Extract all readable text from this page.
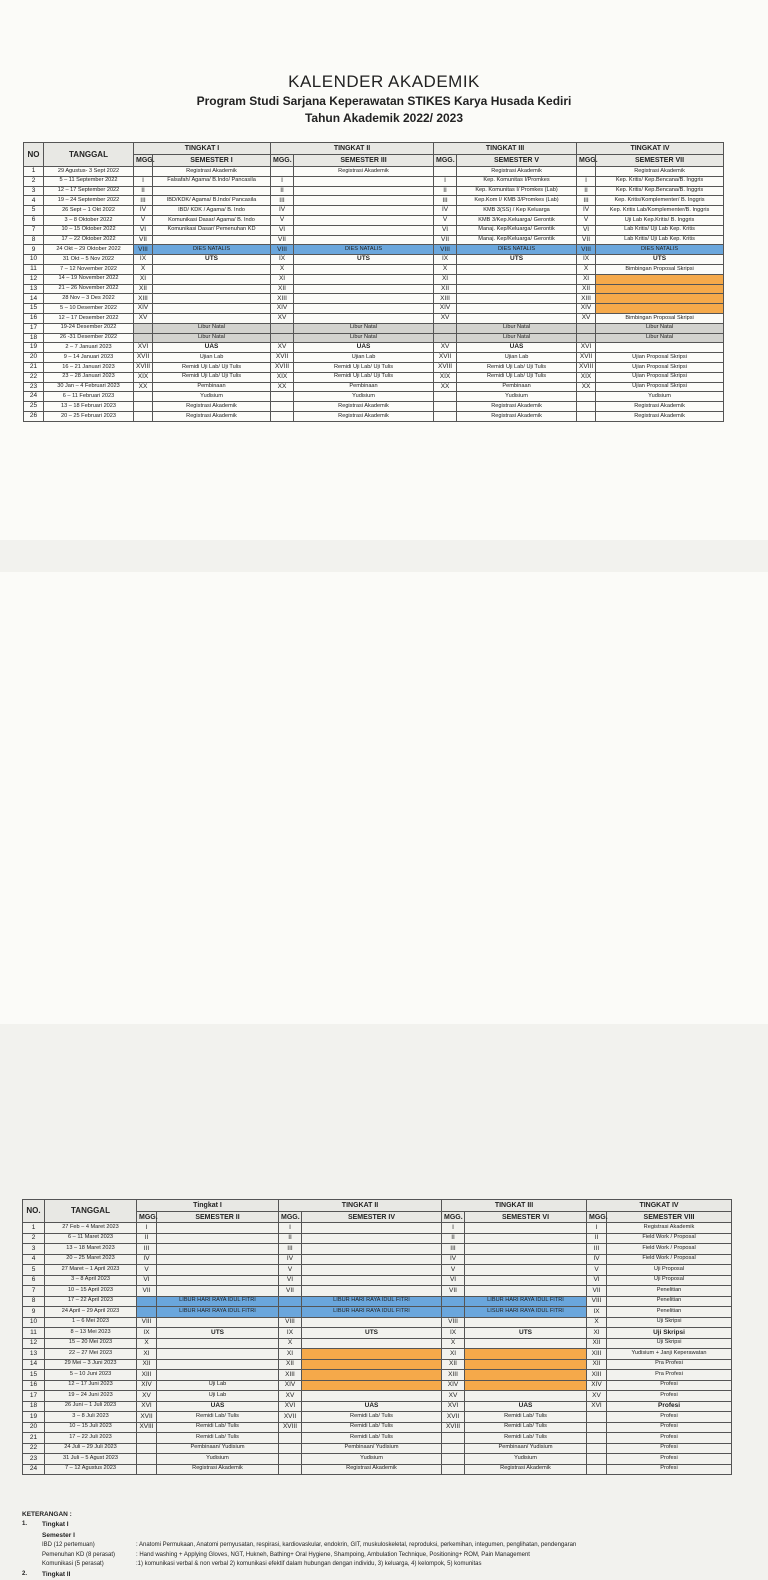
KALENDER AKADEMIK
Program Studi Sarjana Keperawatan STIKES Karya Husada Kediri
Tahun Akademik 2022/ 2023
NO	TANGGAL	TINGKAT I		TINGKAT II		TINGKAT III		TINGKAT IV	
		MGG.	SEMESTER I	MGG.	SEMESTER III	MGG.	SEMESTER V	MGG.	SEMESTER VII
1	29 Agustus- 3 Sept 2022		Registrasi Akademik		Registrasi Akademik		Registrasi Akademik		Registrasi Akademik
2	5 – 11 September 2022	I	Falsafah/ Agama/ B.Indo/ Pancasila	I		I	Kep. Komunitas I/Promkes	I	Kep. Kritis/ Kep.Bencana/B. Inggris
3	12 – 17 September 2022	II		II		II	Kep. Komunitas I/ Promkes (Lab)	II	Kep. Kritis/ Kep.Bencana/B. Inggris
4	19 – 24 September 2022	III	IBD/KDK/ Agama/ B.Indo/ Pancasila	III		III	Kep.Kom I/ KMB 3/Promkes (Lab)	III	Kep. Kritis/Komplementer/ B. Inggris
5	26 Sept – 1 Okt 2022	IV	IBD/ KDK / Agama/ B. Indo	IV		IV	KMB 3(SS) / Kep Keluarga	IV	Kep. Kritis Lab/Komplementer/B. Inggris
6	3 – 8 Oktober 2022	V	Komunikasi Dasar/ Agama/ B. Indo	V		V	KMB 3/Kep.Keluarga/ Gerontik	V	Uji Lab Kep.Kritis/ B. Inggris
7	10 – 15 Oktober 2022	VI	Komunikasi Dasar/ Pemenuhan KD	VI		VI	Manaj. Kep/Keluarga/ Gerontik	VI	Lab Kritis/ Uji Lab Kep. Kritis
8	17 – 22 Oktober 2022	VII		VII		VII	Manaj. Kep/Keluarga/ Gerontik	VII	Lab Kritis/ Uji Lab Kep. Kritis
9	24 Okt – 29 Oktober 2022	VIII	DIES NATALIS	VIII	DIES NATALIS	VIII	DIES NATALIS	VIII	DIES NATALIS
10	31 Okt – 5 Nov 2022	IX	UTS	IX	UTS	IX	UTS	IX	UTS
11	7 – 12 November 2022	X		X		X		X	Bimbingan Proposal Skripsi
12	14 – 19 November 2022	XI		XI		XI		XI	
13	21 – 26 November 2022	XII		XII		XII		XII	
14	28 Nov – 3 Des 2022	XIII		XIII		XIII		XIII	
15	5 – 10 Desember 2022	XIV		XIV		XIV		XIV	
16	12 – 17 Desember 2022	XV		XV		XV		XV	Bimbingan Proposal Skripsi
17	19-24 Desember 2022		Libur Natal		Libur Natal		Libur Natal		Libur Natal
18	26 -31 Desember 2022		Libur Natal		Libur Natal		Libur Natal		Libur Natal
19	2 – 7 Januari 2023	XVI	UAS	XV	UAS	XV	UAS	XVI	
20	9 – 14 Januari 2023	XVII	Ujian Lab	XVII	Ujian Lab	XVII	Ujian Lab	XVII	Ujian Proposal Skripsi
21	16 – 21 Januari 2023	XVIII	Remidi Uji Lab/ Uji Tulis	XVIII	Remidi Uji Lab/ Uji Tulis	XVIII	Remidi Uji Lab/ Uji Tulis	XVIII	Ujian Proposal Skripsi
22	23 – 28 Januari 2023	XIX	Remidi Uji Lab/ Uji Tulis	XIX	Remidi Uji Lab/ Uji Tulis	XIX	Remidi Uji Lab/ Uji Tulis	XIX	Ujian Proposal Skripsi
23	30 Jan – 4 Februari 2023	XX	Pembinaan	XX	Pembinaan	XX	Pembinaan	XX	Ujian Proposal Skripsi
24	6 – 11 Februari 2023		Yudisium		Yudisium		Yudisium		Yudisium
25	13 – 18 Februari 2023		Registrasi Akademik		Registrasi Akademik		Registrasi Akademik		Registrasi Akademik
26	20 – 25 Februari 2023		Registrasi Akademik		Registrasi Akademik		Registrasi Akademik		Registrasi Akademik
NO.	TANGGAL	Tingkat I		TINGKAT II		TINGKAT III		TINGKAT IV	
		MGG.	SEMESTER II	MGG.	SEMESTER IV	MGG.	SEMESTER VI	MGG.	SEMESTER VIII
1	27 Feb – 4 Maret 2023	I		I		I		I	Registrasi Akademik
2	6 – 11 Maret 2023	II		II		II		II	Field Work / Proposal
3	13 – 18 Maret 2023	III		III		III		III	Field Work / Proposal
4	20 – 25 Maret 2023	IV		IV		IV		IV	Field Work / Proposal
5	27 Maret – 1 April 2023	V		V		V		V	Uji Proposal
6	3 – 8 April 2023	VI		VI		VI		VI	Uji Proposal
7	10 – 15 April 2023	VII		VII		VII		VII	Penelitian
8	17 – 22 April 2023		LIBUR HARI RAYA IDUL FITRI		LIBUR HARI RAYA IDUL FITRI		LIBUR HARI RAYA IDUL FITRI	VIII	Penelitian
9	24 April – 29 April 2023		LIBUR HARI RAYA IDUL FITRI		LIBUR HARI RAYA IDUL FITRI		LISUR HARI RAYA IDUL FITRI	IX	Penelitian
10	1 – 6 Mei 2023	VIII		VIII		VIII		X	Uji Skripsi
11	8 – 13 Mei 2023	IX	UTS	IX	UTS	IX	UTS	XI	Uji Skripsi
12	15 – 20 Mei 2023	X		X		X		XII	Uji Skripsi
13	22 – 27 Mei 2023	XI		XI		XI		XIII	Yudisium + Janji Keperawatan
14	29 Mei – 3 Juni 2023	XII		XII		XII		XII	Pra Profesi
15	5 – 10 Juni 2023	XIII		XIII		XIII		XIII	Pra Profesi
16	12 – 17 Juni 2023	XIV	Uji Lab	XIV		XIV		XIV	Profesi
17	19 – 24 Juni 2023	XV	Uji Lab	XV		XV		XV	Profesi
18	26 Juni – 1 Juli 2023	XVI	UAS	XVI	UAS	XVI	UAS	XVI	Profesi
19	3 – 8 Juli 2023	XVII	Remidi Lab/ Tulis	XVII	Remidi Lab/ Tulis	XVII	Remidi Lab/ Tulis		Profesi
20	10 – 15 Juli 2023	XVIII	Remidi Lab/ Tulis	XVIII	Remidi Lab/ Tulis	XVIII	Remidi Lab/ Tulis		Profesi
21	17 – 22 Juli 2023		Remidi Lab/ Tulis		Remidi Lab/ Tulis		Remidi Lab/ Tulis		Profesi
22	24 Juli – 29 Juli 2023		Pembinaan/ Yudisium		Pembinaan/ Yudisium		Pembinaan/ Yudisium		Profesi
23	31 Juli – 5 Agust 2023		Yudisium		Yudisium		Yudisium		Profesi
24	7 – 12 Agustus 2023		Registrasi Akademik		Registrasi Akademik		Registrasi Akademik		Profesi
KETERANGAN :
1.	Tingkat I
Semester I
IBD (12 pertemuan)	: Anatomi Permukaan, Anatomi pernyusatan, respirasi, kardiovaskular, endokrin, GIT, muskuloskeletal, reproduksi, perkemihan, integumen, penglihatan, pendengaran
Pemenuhan KD (8 perasat)	: Hand washing + Applying Gloves, NGT, Hukneh, Bathing+ Oral Hygiene, Shampoing, Ambulation Technique, Positioning+ ROM, Pain Management
Komunikasi (5 perasat)	:1) komunikasi verbal & non verbal 2) komunikasi efektif dalam hubungan dengan individu, 3) keluarga, 4) kelompok, 5) komunitas
2.	Tingkat II
